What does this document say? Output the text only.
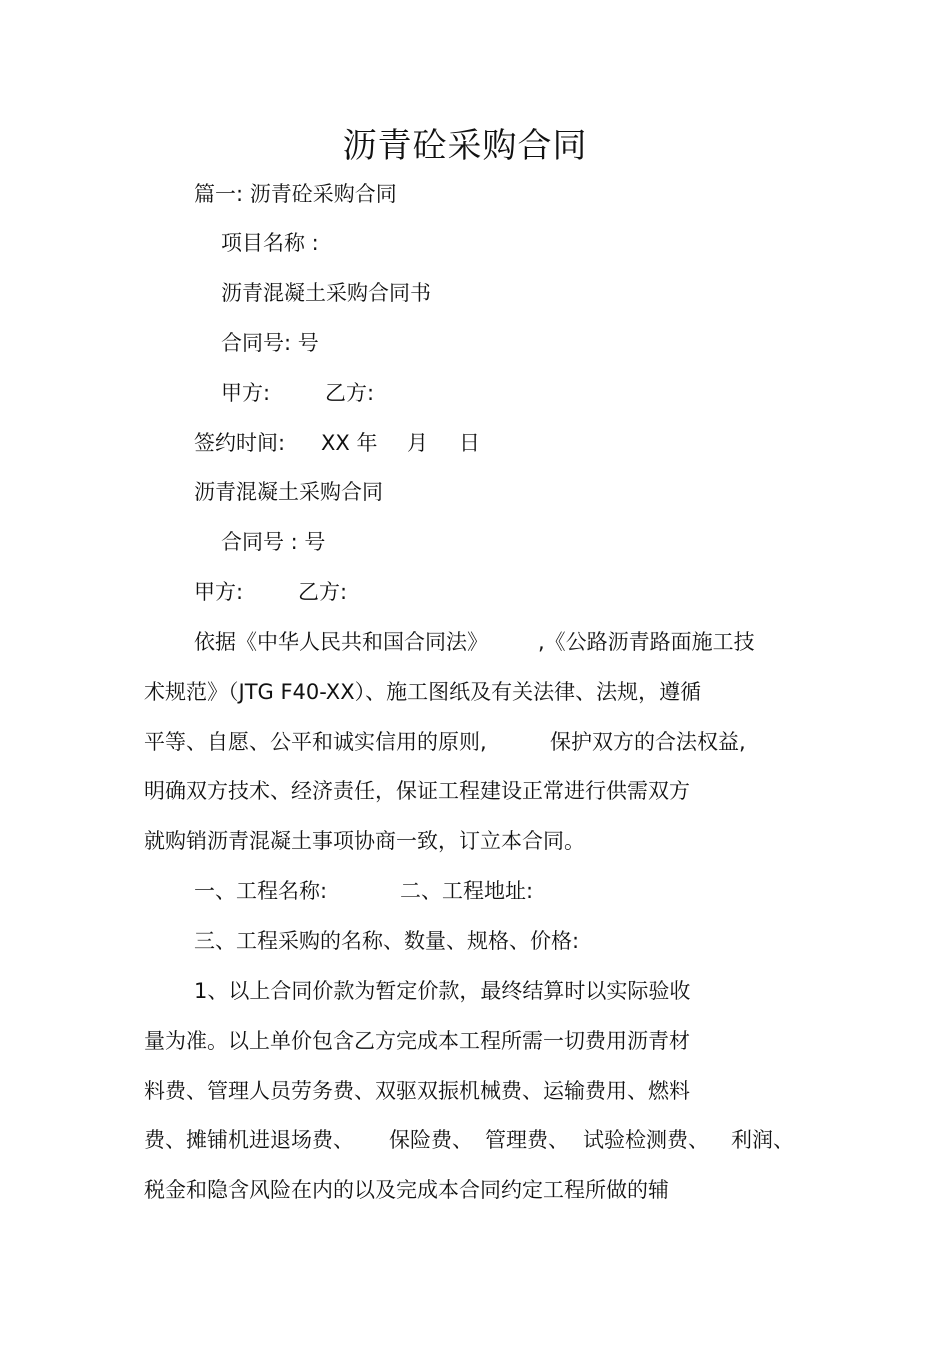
沥青砼采购合同
篇一: 沥青砼采购合同
项目名称 :
沥青混凝土采购合同书
合同号: 号
甲方:	乙方:
签约时间: XX 年 月 日
沥青混凝土采购合同
合同号 : 号
甲方:	乙方:
依据《中华人民共和国合同法》 ,《公路沥青路面施工技
术规范》（JTG F40-XX）、施工图纸及有关法律、法规，遵循
平等、自愿、公平和诚实信用的原则,	保护双方的合法权益,
明确双方技术、经济责任，保证工程建设正常进行供需双方
就购销沥青混凝土事项协商一致，订立本合同。
一、工程名称:	二、工程地址:
三、工程采购的名称、数量、规格、价格:
1、以上合同价款为暂定价款，最终结算时以实际验收
量为准。以上单价包含乙方完成本工程所需一切费用沥青材
料费、管理人员劳务费、双驱双振机械费、运输费用、燃料
费、摊铺机进退场费、 保险费、 管理费、 试验检测费、 利润、
税金和隐含风险在内的以及完成本合同约定工程所做的辅
